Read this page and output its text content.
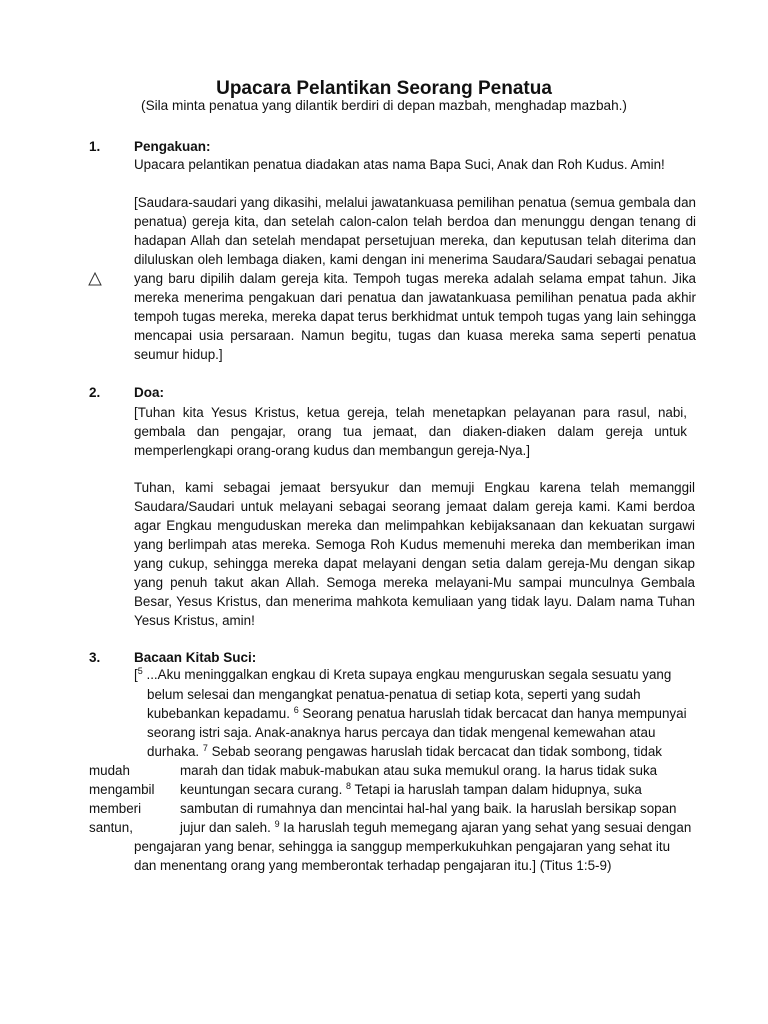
Upacara Pelantikan Seorang Penatua
(Sila minta penatua yang dilantik berdiri di depan mazbah, menghadap mazbah.)
1. Pengakuan:
Upacara pelantikan penatua diadakan atas nama Bapa Suci, Anak dan Roh Kudus. Amin!

[Saudara-saudari yang dikasihi, melalui jawatankuasa pemilihan penatua (semua gembala dan penatua) gereja kita, dan setelah calon-calon telah berdoa dan menunggu dengan tenang di hadapan Allah dan setelah mendapat persetujuan mereka, dan keputusan telah diterima dan diluluskan oleh lembaga diaken, kami dengan ini menerima Saudara/Saudari sebagai penatua yang baru dipilih dalam gereja kita. Tempoh tugas mereka adalah selama empat tahun. Jika mereka menerima pengakuan dari penatua dan jawatankuasa pemilihan penatua pada akhir tempoh tugas mereka, mereka dapat terus berkhidmat untuk tempoh tugas yang lain sehingga mencapai usia persaraan. Namun begitu, tugas dan kuasa mereka sama seperti penatua seumur hidup.]

2. Doa:

[Tuhan kita Yesus Kristus, ketua gereja, telah menetapkan pelayanan para rasul, nabi, gembala dan pengajar, orang tua jemaat, dan diaken-diaken dalam gereja untuk memperlengkapi orang-orang kudus dan membangun gereja-Nya.]

Tuhan, kami sebagai jemaat bersyukur dan memuji Engkau karena telah memanggil Saudara/Saudari untuk melayani sebagai seorang jemaat dalam gereja kami. Kami berdoa agar Engkau menguduskan mereka dan melimpahkan kebijaksanaan dan kekuatan surgawi yang berlimpah atas mereka. Semoga Roh Kudus memenuhi mereka dan memberikan iman yang cukup, sehingga mereka dapat melayani dengan setia dalam gereja-Mu dengan sikap yang penuh takut akan Allah. Semoga mereka melayani-Mu sampai munculnya Gembala Besar, Yesus Kristus, dan menerima mahkota kemuliaan yang tidak layu. Dalam nama Tuhan Yesus Kristus, amin!

3. Bacaan Kitab Suci:
[$^5$ ...Aku meninggalkan engkau di Kreta supaya engkau menguruskan segala sesuatu yang
belum selesai dan mengangkat penatua-penatua di setiap kota, seperti yang sudah
kubebankan kepadamu. $^6$ Seorang penatua haruslah tidak bercacat dan hanya mempunyai
seorang istri saja. Anak-anaknya harus percaya dan tidak mengenal kemewahan atau
durhaka. $^7$ Sebab seorang pengawas haruslah tidak bercacat dan tidak sombong, tidak
mudah	marah dan tidak mabuk-mabukan atau suka memukul orang. Ia harus tidak suka
mengambil keuntungan secara curang. $^8$ Tetapi ia haruslah tampan dalam hidupnya, suka
memberi	sambutan di rumahnya dan mencintai hal-hal yang baik. Ia haruslah bersikap sopan
santun,	jujur dan saleh. $^9$ Ia haruslah teguh memegang ajaran yang sehat yang sesuai dengan
pengajaran yang benar, sehingga ia sanggup memperkukuhkan pengajaran yang sehat itu
dan menentang orang yang memberontak terhadap pengajaran itu.] (Titus 1:5-9)
